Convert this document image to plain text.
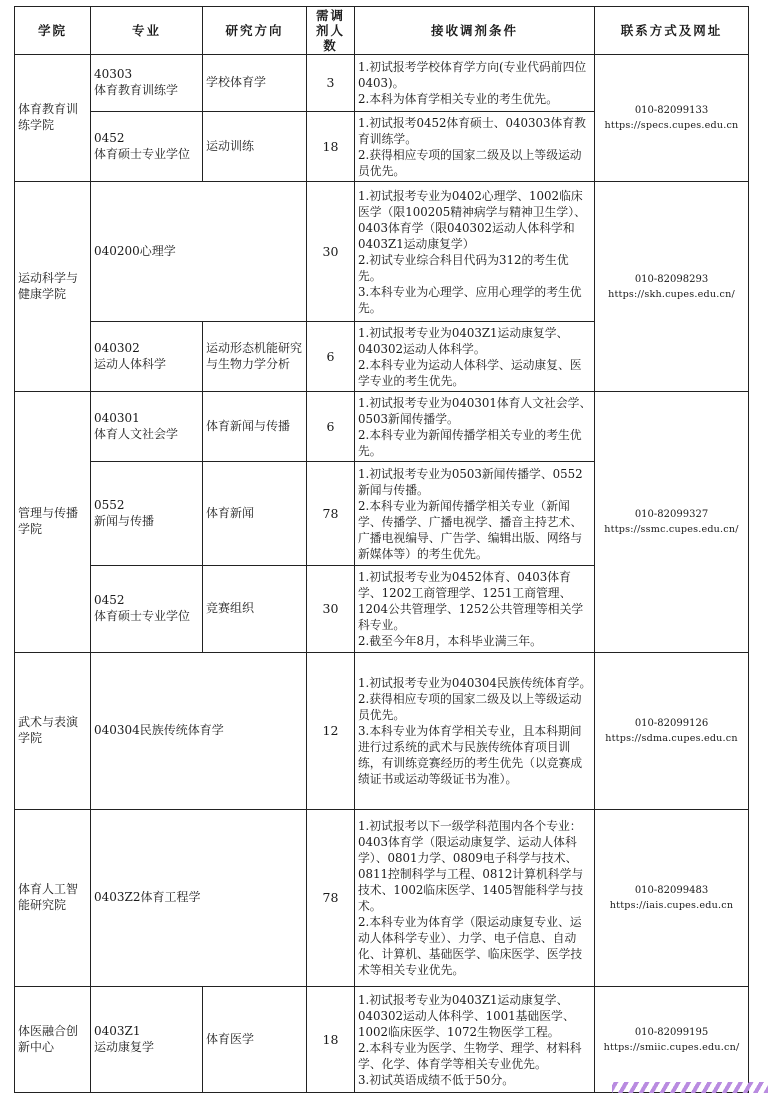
学院	专业	研究方向	需调剂人数	接收调剂条件	联系方式及网址
体育教育训练学院	40303
体育教育训练学	学校体育学	3	1.初试报考学校体育学方向(专业代码前四位0403)。
2.本科为体育学相关专业的考生优先。	010-82099133
https://specs.cupes.edu.cn

	0452
体育硕士专业学位	运动训练	18	1.初试报考0452体育硕士、040303体育教育训练学。
2.获得相应专项的国家二级及以上等级运动员优先。	

运动科学与健康学院	040200心理学		30	1.初试报考专业为0402心理学、1002临床医学（限100205精神病学与精神卫生学）、0403体育学（限040302运动人体科学和0403Z1运动康复学）
2.初试专业综合科目代码为312的考生优先。
3.本科专业为心理学、应用心理学的考生优先。	010-82098293
https://skh.cupes.edu.cn/

	040302
运动人体科学	运动形态机能研究与生物力学分析	6	1.初试报考专业为0403Z1运动康复学、040302运动人体科学。
2.本科专业为运动人体科学、运动康复、医学专业的考生优先。	

管理与传播学院	040301
体育人文社会学	体育新闻与传播	6	1.初试报考专业为040301体育人文社会学、0503新闻传播学。
2.本科专业为新闻传播学相关专业的考生优先。	010-82099327
https://ssmc.cupes.edu.cn/

	0552
新闻与传播	体育新闻	78	1.初试报考专业为0503新闻传播学、0552新闻与传播。
2.本科专业为新闻传播学相关专业（新闻学、传播学、广播电视学、播音主持艺术、广播电视编导、广告学、编辑出版、网络与新媒体等）的考生优先。	

	0452
体育硕士专业学位	竞赛组织	30	1.初试报考专业为0452体育、0403体育学、1202工商管理学、1251工商管理、1204公共管理学、1252公共管理等相关学科专业。
2.截至今年8月，本科毕业满三年。	

武术与表演学院	040304民族传统体育学		12	1.初试报考专业为040304民族传统体育学。
2.获得相应专项的国家二级及以上等级运动员优先。
3.本科专业为体育学相关专业，且本科期间进行过系统的武术与民族传统体育项目训练，有训练竞赛经历的考生优先（以竞赛成绩证书或运动等级证书为准）。	010-82099126
https://sdma.cupes.edu.cn

体育人工智能研究院	0403Z2体育工程学		78	1.初试报考以下一级学科范围内各个专业：0403体育学（限运动康复学、运动人体科学）、0801力学、0809电子科学与技术、0811控制科学与工程、0812计算机科学与技术、1002临床医学、1405智能科学与技术。
2.本科专业为体育学（限运动康复专业、运动人体科学专业）、力学、电子信息、自动化、计算机、基础医学、临床医学、医学技术等相关专业优先。	010-82099483
https://iais.cupes.edu.cn

体医融合创新中心	0403Z1
运动康复学	体育医学	18	1.初试报考专业为0403Z1运动康复学、040302运动人体科学、1001基础医学、1002临床医学、1072生物医学工程。
2.本科专业为医学、生物学、理学、材料科学、化学、体育学等相关专业优先。
3.初试英语成绩不低于50分。	010-82099195
https://smiic.cupes.edu.cn/
